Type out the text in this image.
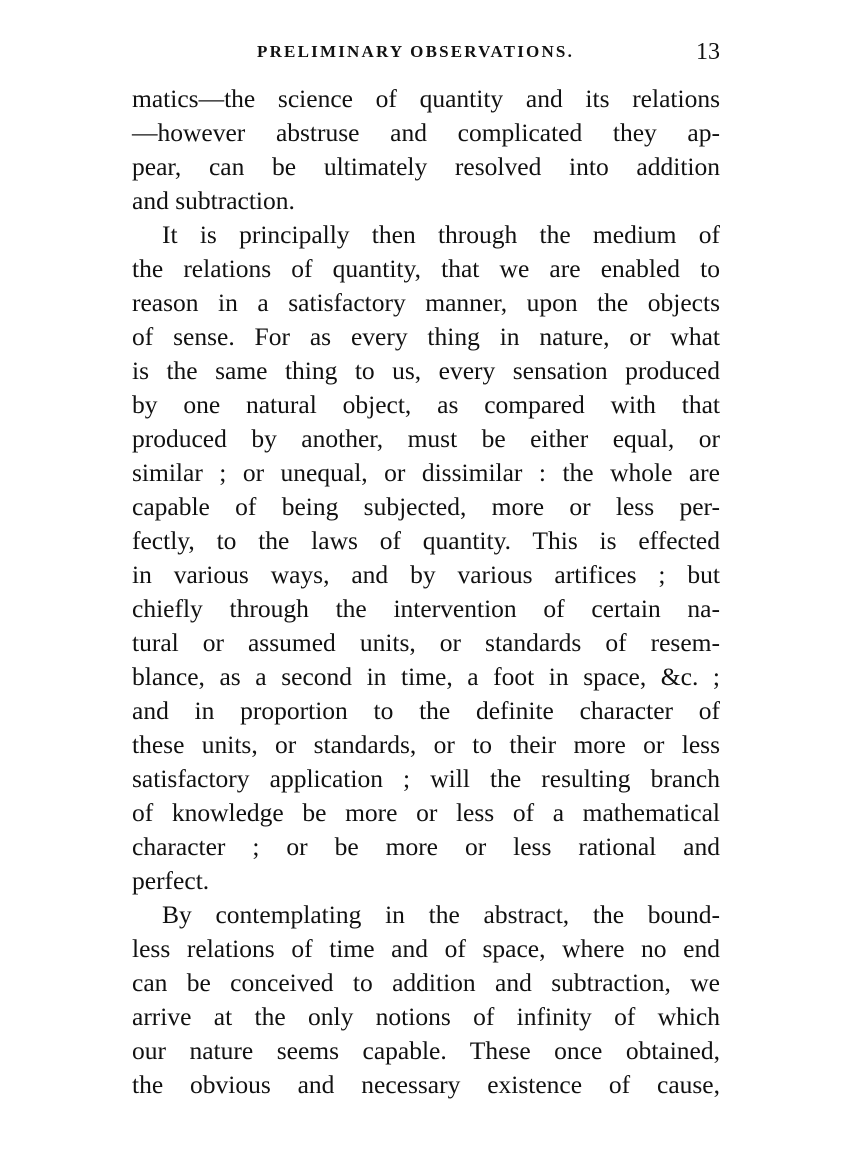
PRELIMINARY OBSERVATIONS.	13
matics—the science of quantity and its relations
—however abstruse and complicated they ap-
pear, can be ultimately resolved into addition
and subtraction.
It is principally then through the medium of
the relations of quantity, that we are enabled to
reason in a satisfactory manner, upon the objects
of sense. For as every thing in nature, or what
is the same thing to us, every sensation produced
by one natural object, as compared with that
produced by another, must be either equal, or
similar ; or unequal, or dissimilar : the whole are
capable of being subjected, more or less per-
fectly, to the laws of quantity. This is effected
in various ways, and by various artifices ; but
chiefly through the intervention of certain na-
tural or assumed units, or standards of resem-
blance, as a second in time, a foot in space, &c. ;
and in proportion to the definite character of
these units, or standards, or to their more or less
satisfactory application ; will the resulting branch
of knowledge be more or less of a mathematical
character ; or be more or less rational and
perfect.
By contemplating in the abstract, the bound-
less relations of time and of space, where no end
can be conceived to addition and subtraction, we
arrive at the only notions of infinity of which
our nature seems capable. These once obtained,
the obvious and necessary existence of cause,
